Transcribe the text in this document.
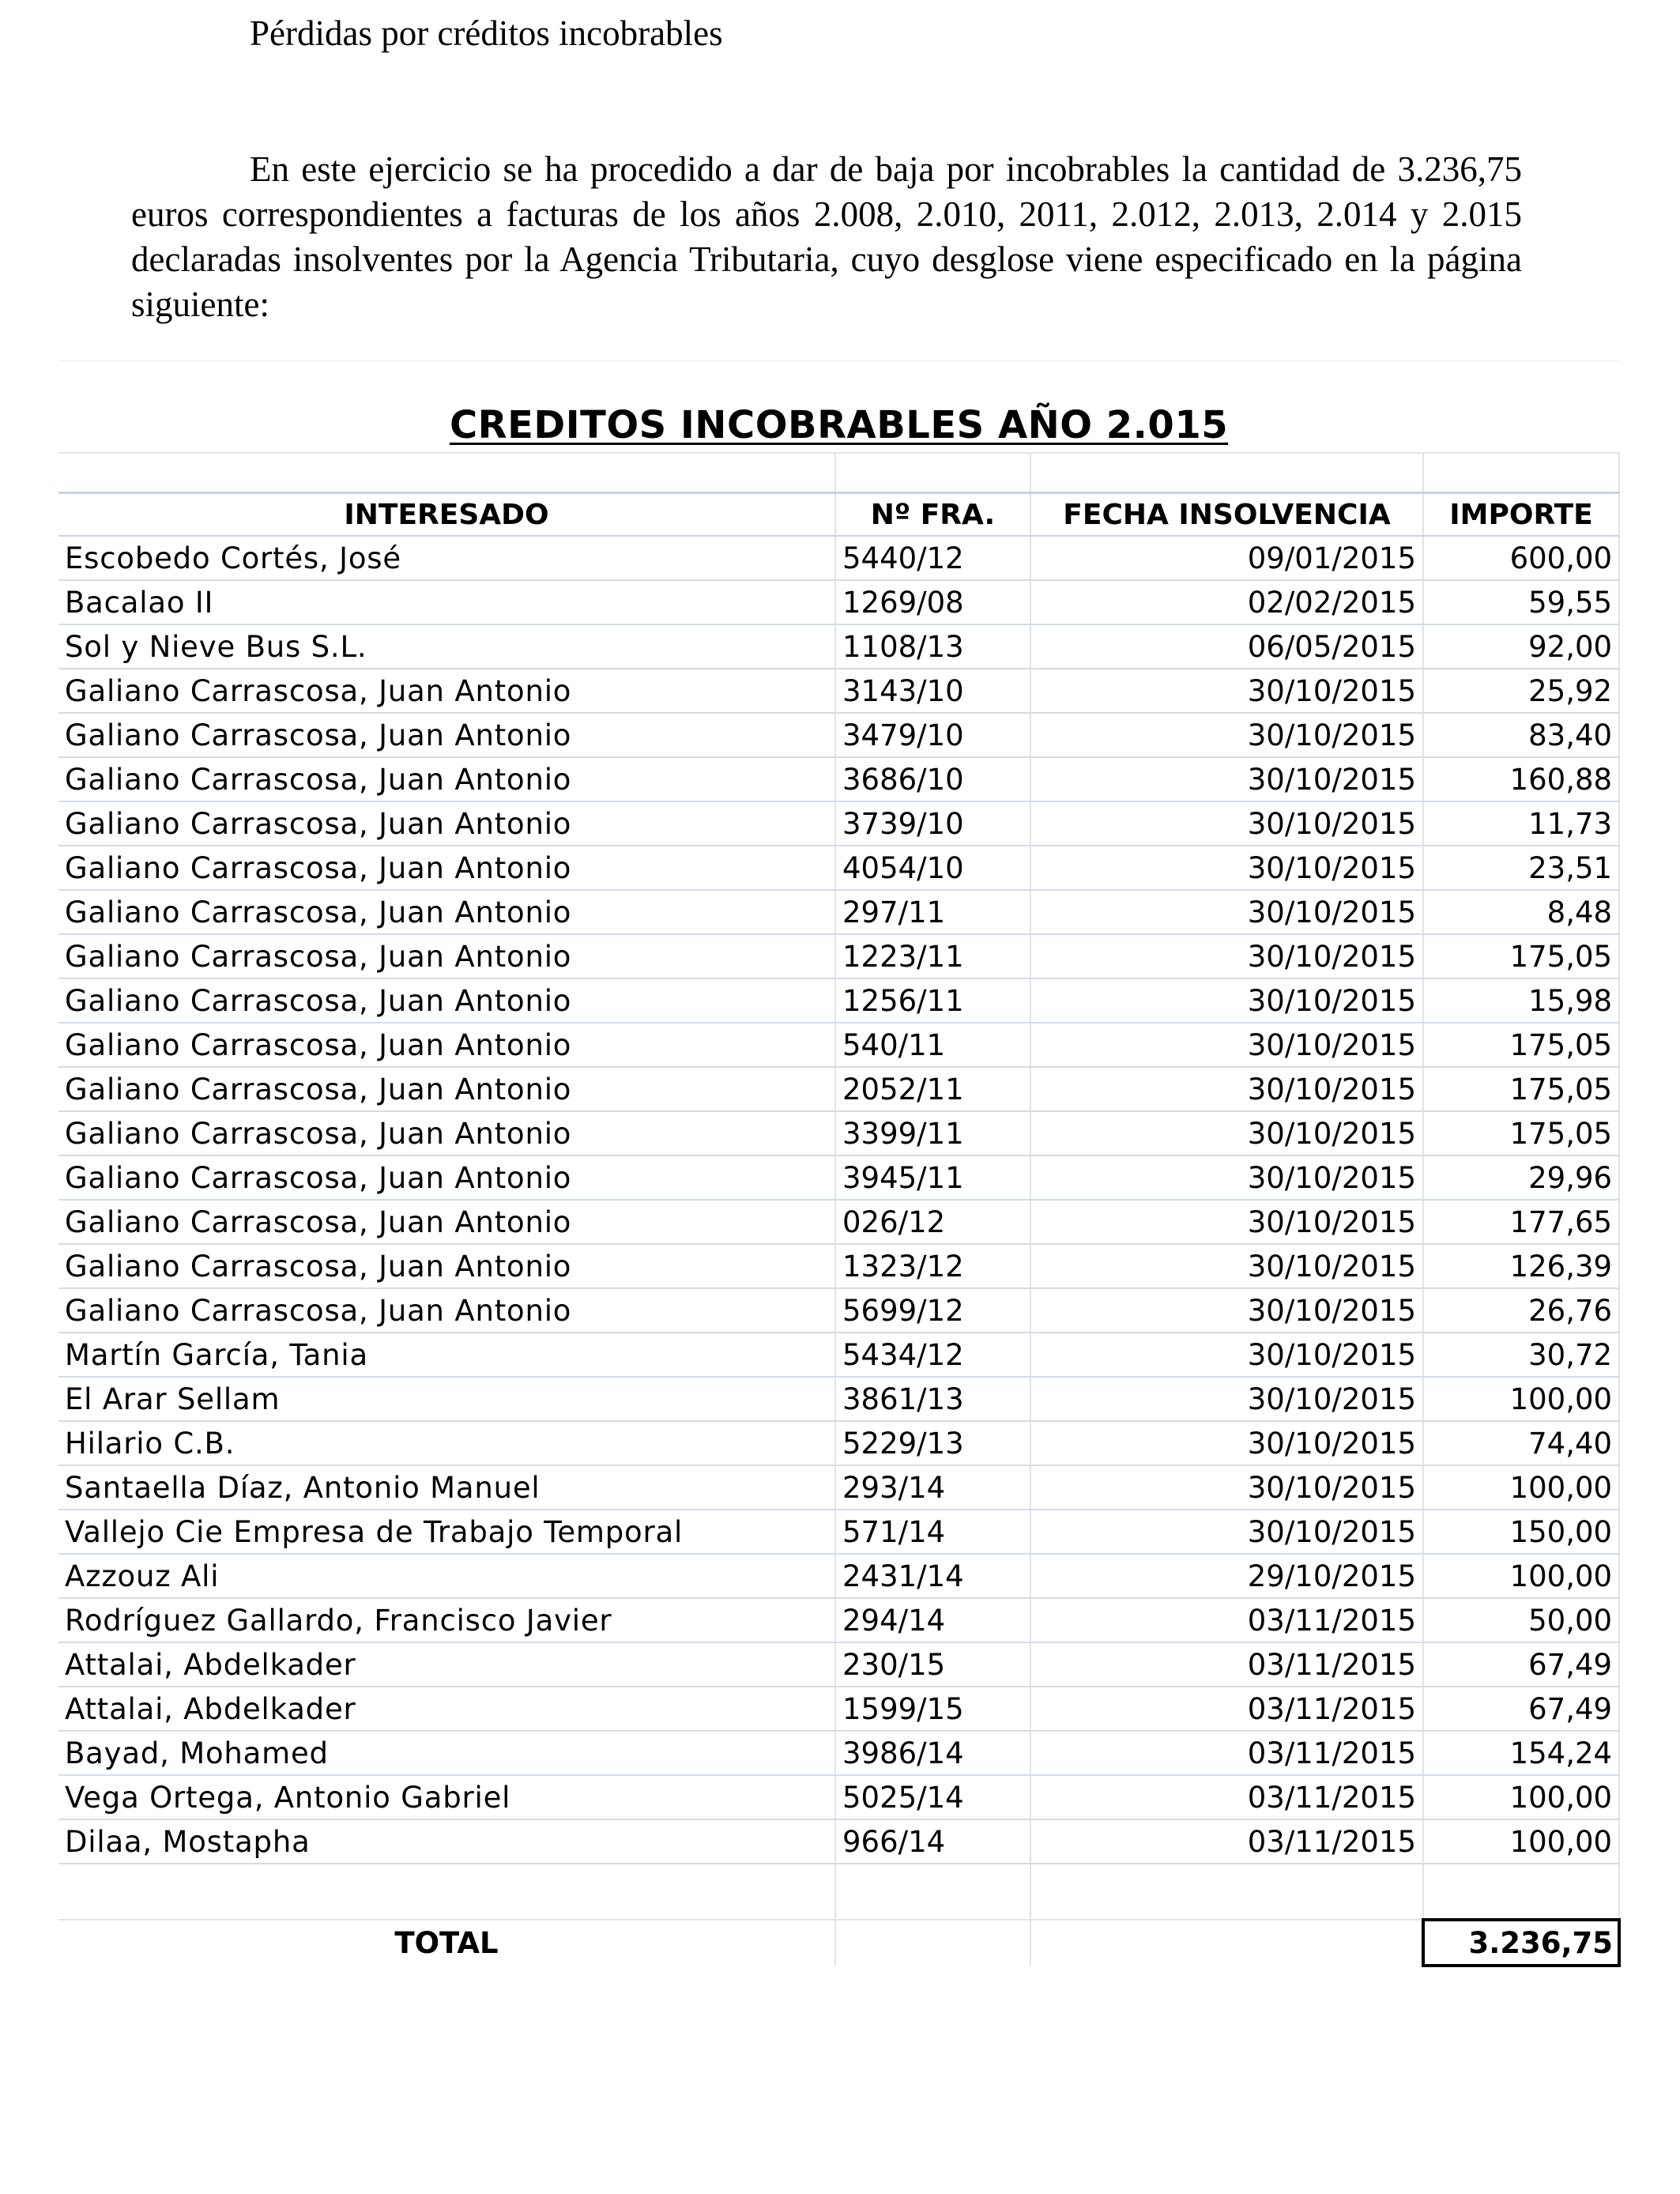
Pérdidas por créditos incobrables

En este ejercicio se ha procedido a dar de baja por incobrables la cantidad de 3.236,75 euros correspondientes a facturas de los años 2.008, 2.010, 2011, 2.012, 2.013, 2.014 y 2.015 declaradas insolventes por la Agencia Tributaria, cuyo desglose viene especificado en la página siguiente:

CREDITOS INCOBRABLES AÑO 2.015			

INTERESADO	Nº FRA.	FECHA INSOLVENCIA	IMPORTE
Escobedo Cortés, José	5440/12	09/01/2015	600,00
Bacalao II	1269/08	02/02/2015	59,55
Sol y Nieve Bus S.L.	1108/13	06/05/2015	92,00
Galiano Carrascosa, Juan Antonio	3143/10	30/10/2015	25,92
Galiano Carrascosa, Juan Antonio	3479/10	30/10/2015	83,40
Galiano Carrascosa, Juan Antonio	3686/10	30/10/2015	160,88
Galiano Carrascosa, Juan Antonio	3739/10	30/10/2015	11,73
Galiano Carrascosa, Juan Antonio	4054/10	30/10/2015	23,51
Galiano Carrascosa, Juan Antonio	297/11	30/10/2015	8,48
Galiano Carrascosa, Juan Antonio	1223/11	30/10/2015	175,05
Galiano Carrascosa, Juan Antonio	1256/11	30/10/2015	15,98
Galiano Carrascosa, Juan Antonio	540/11	30/10/2015	175,05
Galiano Carrascosa, Juan Antonio	2052/11	30/10/2015	175,05
Galiano Carrascosa, Juan Antonio	3399/11	30/10/2015	175,05
Galiano Carrascosa, Juan Antonio	3945/11	30/10/2015	29,96
Galiano Carrascosa, Juan Antonio	026/12	30/10/2015	177,65
Galiano Carrascosa, Juan Antonio	1323/12	30/10/2015	126,39
Galiano Carrascosa, Juan Antonio	5699/12	30/10/2015	26,76
Martín García, Tania	5434/12	30/10/2015	30,72
El Arar Sellam	3861/13	30/10/2015	100,00
Hilario C.B.	5229/13	30/10/2015	74,40
Santaella Díaz, Antonio Manuel	293/14	30/10/2015	100,00
Vallejo Cie Empresa de Trabajo Temporal	571/14	30/10/2015	150,00
Azzouz Ali	2431/14	29/10/2015	100,00
Rodríguez Gallardo, Francisco Javier	294/14	03/11/2015	50,00
Attalai, Abdelkader	230/15	03/11/2015	67,49
Attalai, Abdelkader	1599/15	03/11/2015	67,49
Bayad, Mohamed	3986/14	03/11/2015	154,24
Vega Ortega, Antonio Gabriel	5025/14	03/11/2015	100,00
Dilaa, Mostapha	966/14	03/11/2015	100,00

TOTAL			3.236,75
